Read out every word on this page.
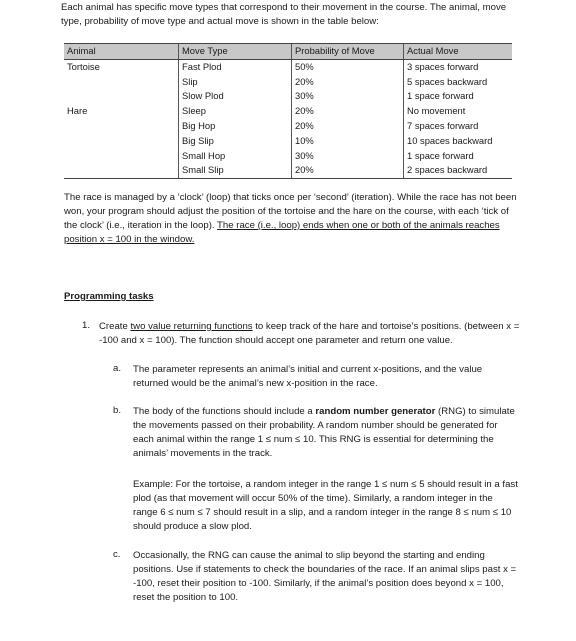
Each animal has specific move types that correspond to their movement in the course. The animal, move type, probability of move type and actual move is shown in the table below:

Animal	Move Type	Probability of Move	Actual Move
Tortoise	Fast Plod	50%	3 spaces forward
	Slip	20%	5 spaces backward
	Slow Plod	30%	1 space forward
Hare	Sleep	20%	No movement
	Big Hop	20%	7 spaces forward
	Big Slip	10%	10 spaces backward
	Small Hop	30%	1 space forward
	Small Slip	20%	2 spaces backward

The race is managed by a ‘clock’ (loop) that ticks once per ‘second’ (iteration). While the race has not been won, your program should adjust the position of the tortoise and the hare on the course, with each ‘tick of the clock’ (i.e., iteration in the loop). The race (i.e., loop) ends when one or both of the animals reaches position x = 100 in the window.

Programming tasks

1. Create two value returning functions to keep track of the hare and tortoise’s positions. (between x = -100 and x = 100). The function should accept one parameter and return one value.

a. The parameter represents an animal’s initial and current x-positions, and the value returned would be the animal’s new x-position in the race.

b. The body of the functions should include a random number generator (RNG) to simulate the movements passed on their probability. A random number should be generated for each animal within the range 1 ≤ num ≤ 10. This RNG is essential for determining the animals’ movements in the track.

Example: For the tortoise, a random integer in the range 1 ≤ num ≤ 5 should result in a fast plod (as that movement will occur 50% of the time). Similarly, a random integer in the range 6 ≤ num ≤ 7 should result in a slip, and a random integer in the range 8 ≤ num ≤ 10 should produce a slow plod.

c. Occasionally, the RNG can cause the animal to slip beyond the starting and ending positions. Use if statements to check the boundaries of the race. If an animal slips past x = -100, reset their position to -100. Similarly, if the animal’s position does beyond x = 100, reset the position to 100.
